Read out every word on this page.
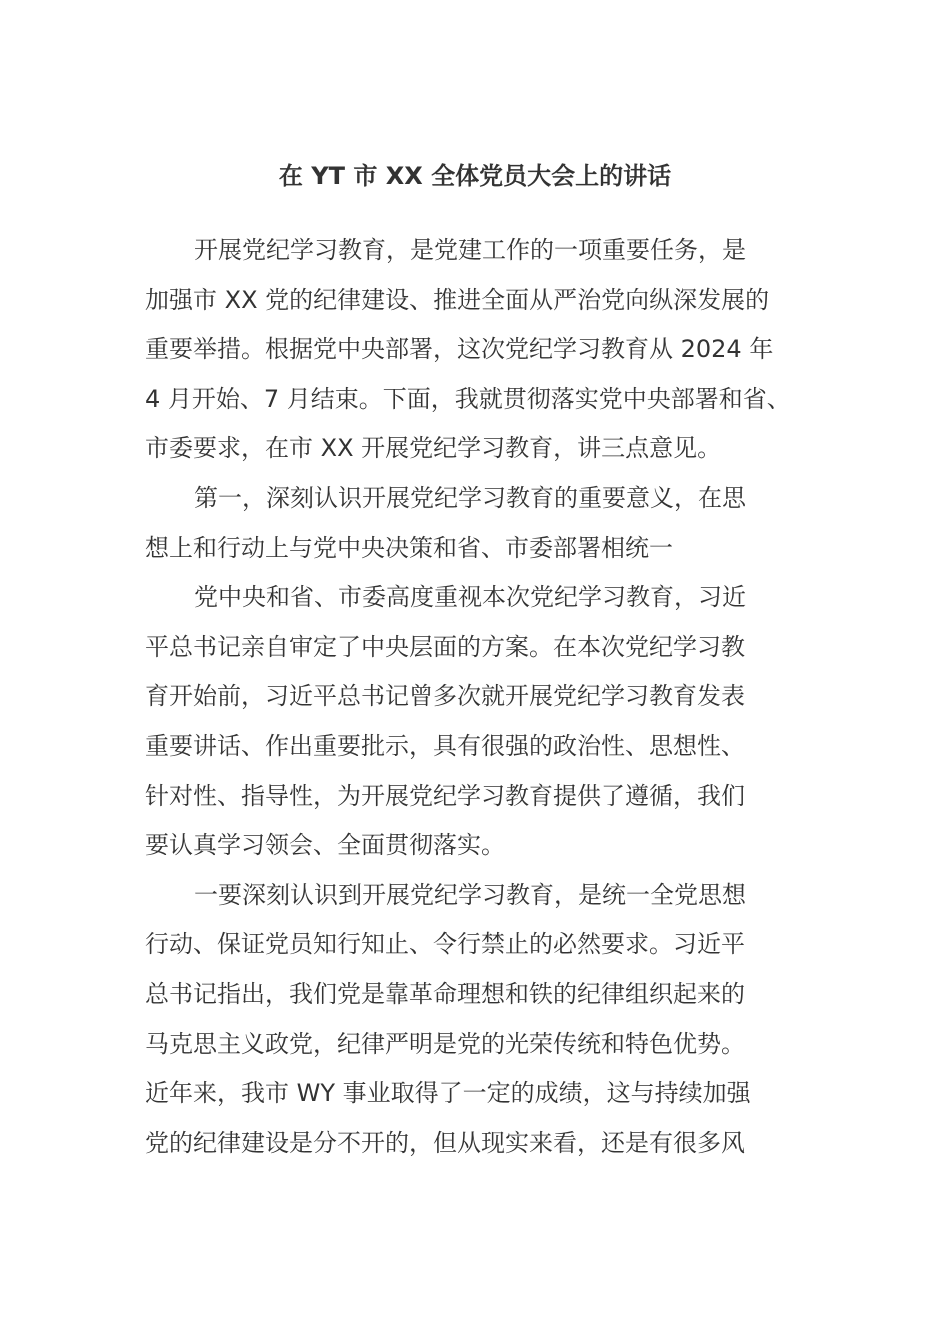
在 YT 市 XX 全体党员大会上的讲话
开展党纪学习教育，是党建工作的一项重要任务，是
加强市 XX 党的纪律建设、推进全面从严治党向纵深发展的
重要举措。根据党中央部署，这次党纪学习教育从 2024 年
4 月开始、7 月结束。下面，我就贯彻落实党中央部署和省、
市委要求，在市 XX 开展党纪学习教育，讲三点意见。
第一，深刻认识开展党纪学习教育的重要意义，在思
想上和行动上与党中央决策和省、市委部署相统一
党中央和省、市委高度重视本次党纪学习教育，习近
平总书记亲自审定了中央层面的方案。在本次党纪学习教
育开始前，习近平总书记曾多次就开展党纪学习教育发表
重要讲话、作出重要批示，具有很强的政治性、思想性、
针对性、指导性，为开展党纪学习教育提供了遵循，我们
要认真学习领会、全面贯彻落实。
一要深刻认识到开展党纪学习教育，是统一全党思想
行动、保证党员知行知止、令行禁止的必然要求。习近平
总书记指出，我们党是靠革命理想和铁的纪律组织起来的
马克思主义政党，纪律严明是党的光荣传统和特色优势。
近年来，我市 WY 事业取得了一定的成绩，这与持续加强
党的纪律建设是分不开的，但从现实来看，还是有很多风
